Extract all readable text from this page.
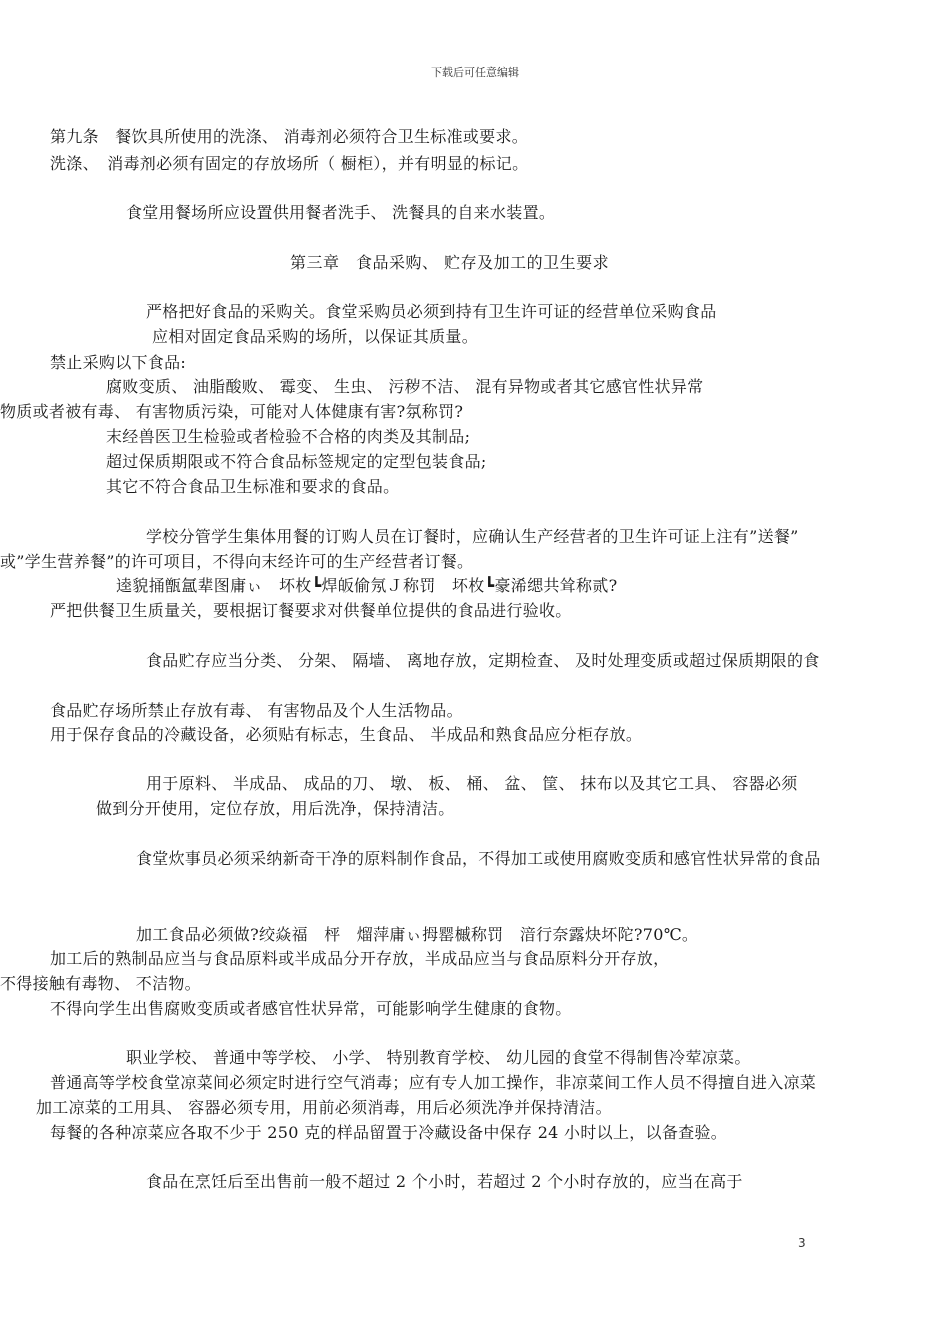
下载后可任意编辑
第九条　餐饮具所使用的洗涤、 消毒剂必须符合卫生标准或要求。
洗涤、　消毒剂必须有固定的存放场所（ 橱柜），并有明显的标记。
食堂用餐场所应设置供用餐者洗手、 洗餐具的自来水装置。
第三章　食品采购、 贮存及加工的卫生要求
严格把好食品的采购关。食堂采购员必须到持有卫生许可证的经营单位采购食品
应相对固定食品采购的场所，以保证其质量。
禁止采购以下食品:
腐败变质、 油脂酸败、 霉变、 生虫、 污秽不洁、 混有异物或者其它感官性状异常
物质或者被有毒、 有害物质污染，可能对人体健康有害?氛称罚?
末经兽医卫生检验或者检验不合格的肉类及其制品;
超过保质期限或不符合食品标签规定的定型包装食品;
其它不符合食品卫生标准和要求的食品。
学校分管学生集体用餐的订购人员在订餐时，应确认生产经营者的卫生许可证上注有”送餐”
或”学生营养餐”的许可项目，不得向末经许可的生产经营者订餐。
逵貌捅甑氲辈图庸ぃ　坏枚┗焊皈偷氖Ｊ称罚　坏枚┗豪浠缌共耸称贰?
严把供餐卫生质量关，要根据订餐要求对供餐单位提供的食品进行验收。
食品贮存应当分类、 分架、 隔墙、 离地存放，定期检查、 及时处理变质或超过保质期限的食
食品贮存场所禁止存放有毒、 有害物品及个人生活物品。
用于保存食品的冷藏设备，必须贴有标志，生食品、 半成品和熟食品应分柜存放。
用于原料、 半成品、 成品的刀、 墩、 板、 桶、 盆、 筐、 抹布以及其它工具、 容器必须
做到分开使用，定位存放，用后洗净，保持清洁。
食堂炊事员必须采纳新奇干净的原料制作食品，不得加工或使用腐败变质和感官性状异常的食品
加工食品必须做?绞焱福　枰　熘萍庸ぃ拇罂槭称罚　湆行奈露炔坏陀?70℃。
加工后的熟制品应当与食品原料或半成品分开存放，半成品应当与食品原料分开存放，
不得接触有毒物、 不洁物。
不得向学生出售腐败变质或者感官性状异常，可能影响学生健康的食物。
职业学校、 普通中等学校、 小学、 特别教育学校、 幼儿园的食堂不得制售冷荤凉菜。
普通高等学校食堂凉菜间必须定时进行空气消毒；应有专人加工操作，非凉菜间工作人员不得擅自进入凉菜
加工凉菜的工用具、 容器必须专用，用前必须消毒，用后必须洗净并保持清洁。
每餐的各种凉菜应各取不少于 250 克的样品留置于冷藏设备中保存 24 小时以上，以备查验。
食品在烹饪后至出售前一般不超过 2 个小时，若超过 2 个小时存放的，应当在高于
3
